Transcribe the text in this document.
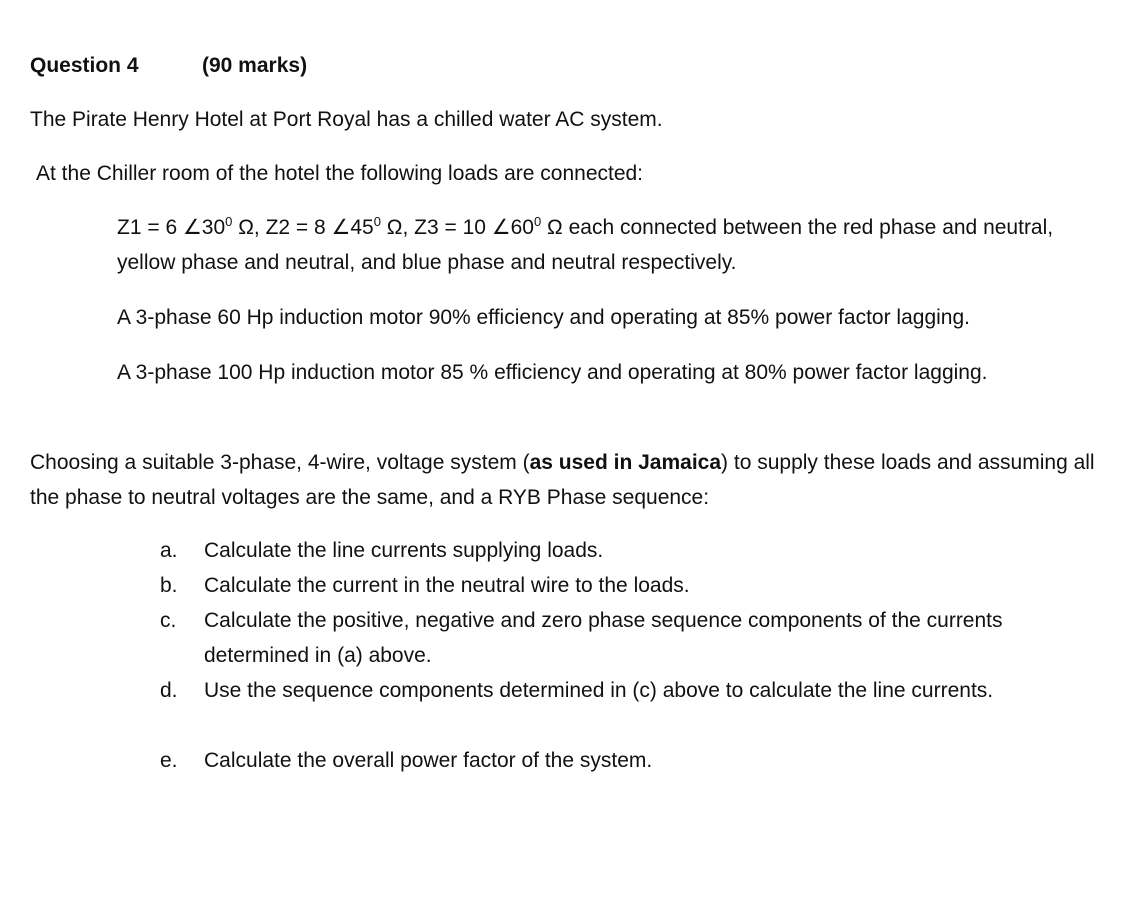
Question 4	(90 marks)
The Pirate Henry Hotel at Port Royal has a chilled water AC system.
At the Chiller room of the hotel the following loads are connected:
Z1 = 6 $\angle 30^0$ Ω, Z2 = 8 $\angle 45^0$ Ω, Z3 = 10 $\angle 60^0$ Ω each connected between the red phase and neutral, yellow phase and neutral, and blue phase and neutral respectively.
A 3-phase 60 Hp induction motor 90% efficiency and operating at 85% power factor lagging.
A 3-phase 100 Hp induction motor 85 % efficiency and operating at 80% power factor lagging.
Choosing a suitable 3-phase, 4-wire, voltage system (as used in Jamaica) to supply these loads and assuming all the phase to neutral voltages are the same, and a RYB Phase sequence:
a. Calculate the line currents supplying loads.
b. Calculate the current in the neutral wire to the loads.
c. Calculate the positive, negative and zero phase sequence components of the currents determined in (a) above.
d. Use the sequence components determined in (c) above to calculate the line currents.
e. Calculate the overall power factor of the system.
